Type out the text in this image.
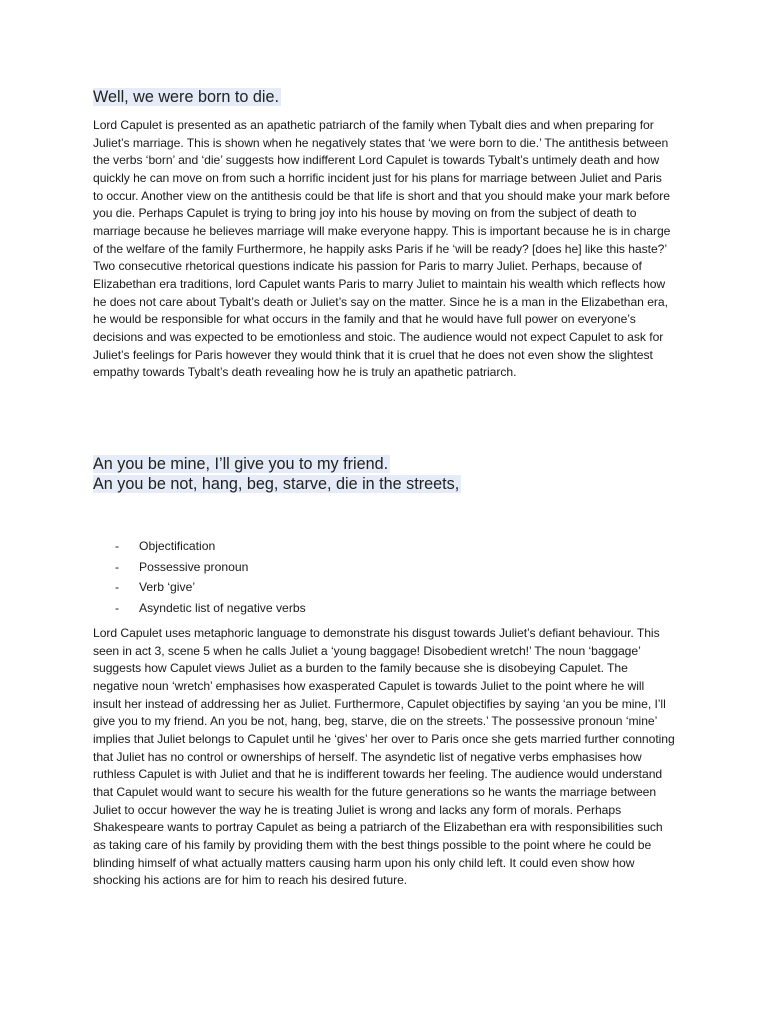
Well, we were born to die.

Lord Capulet is presented as an apathetic patriarch of the family when Tybalt dies and when preparing for Juliet’s marriage. This is shown when he negatively states that ‘we were born to die.’ The antithesis between the verbs ‘born’ and ‘die’ suggests how indifferent Lord Capulet is towards Tybalt’s untimely death and how quickly he can move on from such a horrific incident just for his plans for marriage between Juliet and Paris to occur. Another view on the antithesis could be that life is short and that you should make your mark before you die. Perhaps Capulet is trying to bring joy into his house by moving on from the subject of death to marriage because he believes marriage will make everyone happy. This is important because he is in charge of the welfare of the family Furthermore, he happily asks Paris if he ‘will be ready? [does he] like this haste?’ Two consecutive rhetorical questions indicate his passion for Paris to marry Juliet. Perhaps, because of Elizabethan era traditions, lord Capulet wants Paris to marry Juliet to maintain his wealth which reflects how he does not care about Tybalt’s death or Juliet’s say on the matter. Since he is a man in the Elizabethan era, he would be responsible for what occurs in the family and that he would have full power on everyone’s decisions and was expected to be emotionless and stoic. The audience would not expect Capulet to ask for Juliet’s feelings for Paris however they would think that it is cruel that he does not even show the slightest empathy towards Tybalt’s death revealing how he is truly an apathetic patriarch.

An you be mine, I’ll give you to my friend.
An you be not, hang, beg, starve, die in the streets,
-	Objectification
-	Possessive pronoun
-	Verb ‘give’
-	Asyndetic list of negative verbs

Lord Capulet uses metaphoric language to demonstrate his disgust towards Juliet’s defiant behaviour. This seen in act 3, scene 5 when he calls Juliet a ‘young baggage! Disobedient wretch!’ The noun ‘baggage’ suggests how Capulet views Juliet as a burden to the family because she is disobeying Capulet. The negative noun ‘wretch’ emphasises how exasperated Capulet is towards Juliet to the point where he will insult her instead of addressing her as Juliet. Furthermore, Capulet objectifies by saying ‘an you be mine, I’ll give you to my friend. An you be not, hang, beg, starve, die on the streets.’ The possessive pronoun ‘mine’ implies that Juliet belongs to Capulet until he ‘gives’ her over to Paris once she gets married further connoting that Juliet has no control or ownerships of herself. The asyndetic list of negative verbs emphasises how ruthless Capulet is with Juliet and that he is indifferent towards her feeling. The audience would understand that Capulet would want to secure his wealth for the future generations so he wants the marriage between Juliet to occur however the way he is treating Juliet is wrong and lacks any form of morals. Perhaps Shakespeare wants to portray Capulet as being a patriarch of the Elizabethan era with responsibilities such as taking care of his family by providing them with the best things possible to the point where he could be blinding himself of what actually matters causing harm upon his only child left. It could even show how shocking his actions are for him to reach his desired future.
